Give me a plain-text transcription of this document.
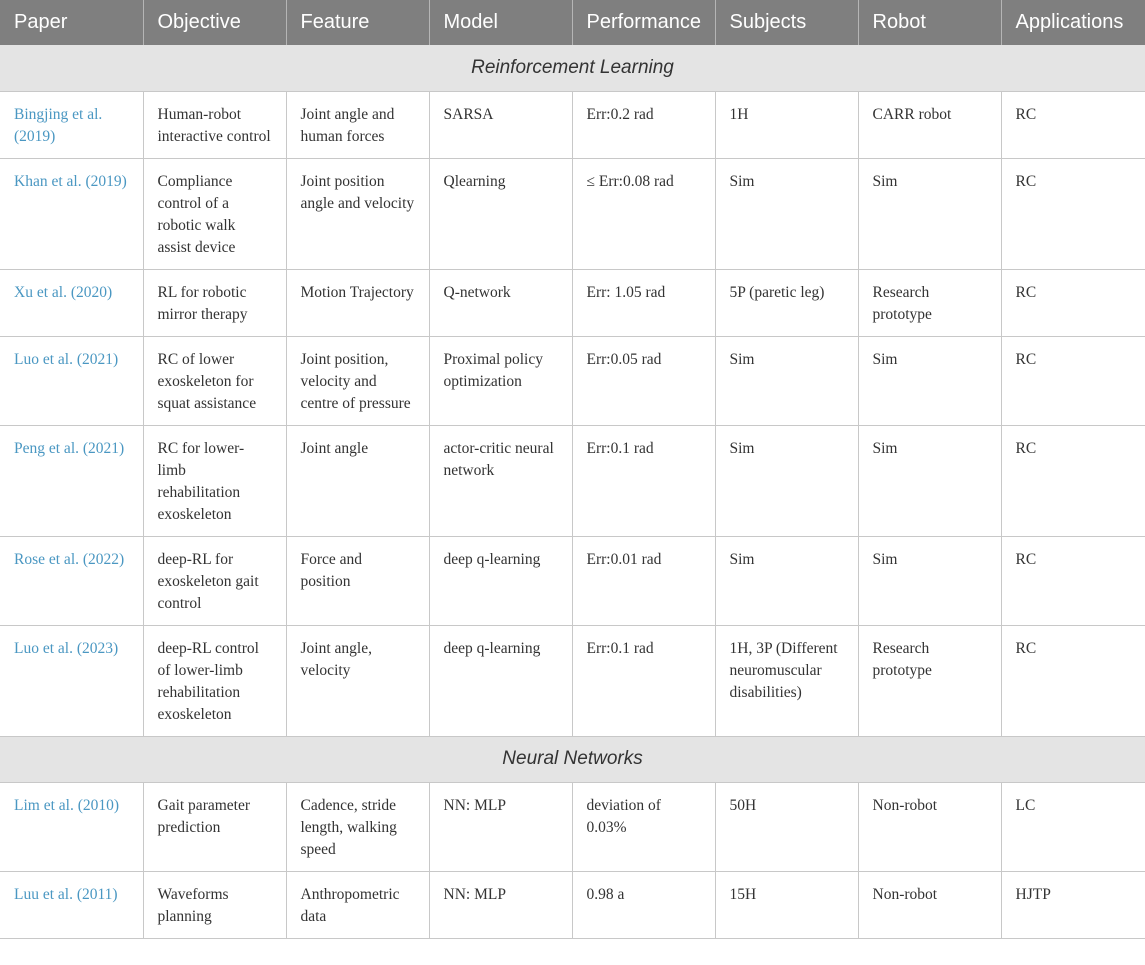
Paper	Objective	Feature	Model	Performance	Subjects	Robot	Applications
Reinforcement Learning							
Bingjing et al. (2019)	Human-robot interactive control	Joint angle and human forces	SARSA	Err:0.2 rad	1H	CARR robot	RC
Khan et al. (2019)	Compliance control of a robotic walk assist device	Joint position angle and velocity	Qlearning	≤ Err:0.08 rad	Sim	Sim	RC
Xu et al. (2020)	RL for robotic mirror therapy	Motion Trajectory	Q-network	Err: 1.05 rad	5P (paretic leg)	Research prototype	RC
Luo et al. (2021)	RC of lower exoskeleton for squat assistance	Joint position, velocity and centre of pressure	Proximal policy optimization	Err:0.05 rad	Sim	Sim	RC
Peng et al. (2021)	RC for lower-limb rehabilitation exoskeleton	Joint angle	actor-critic neural network	Err:0.1 rad	Sim	Sim	RC
Rose et al. (2022)	deep-RL for exoskeleton gait control	Force and position	deep q-learning	Err:0.01 rad	Sim	Sim	RC
Luo et al. (2023)	deep-RL control of lower-limb rehabilitation exoskeleton	Joint angle, velocity	deep q-learning	Err:0.1 rad	1H, 3P (Different neuromuscular disabilities)	Research prototype	RC
Neural Networks							
Lim et al. (2010)	Gait parameter prediction	Cadence, stride length, walking speed	NN: MLP	deviation of 0.03%	50H	Non-robot	LC
Luu et al. (2011)	Waveforms planning	Anthropometric data	NN: MLP	0.98 a	15H	Non-robot	HJTP
